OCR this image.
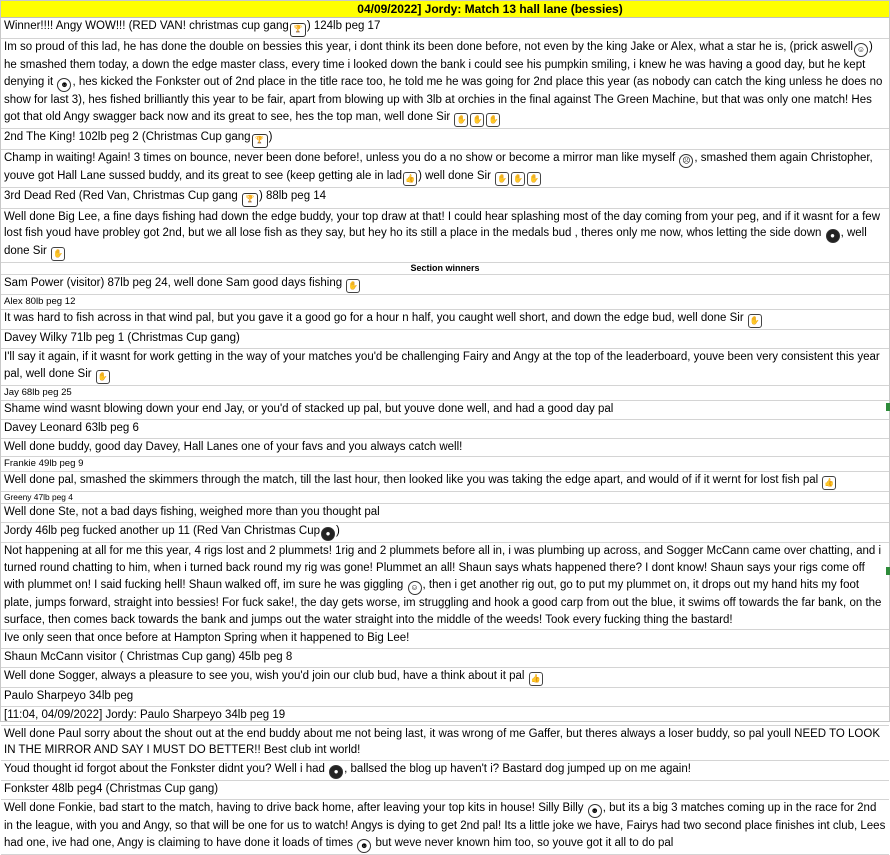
04/09/2022] Jordy: Match 13 hall lane (bessies)
Winner!!!! Angy WOW!!! (RED VAN! christmas cup gang 🏆 ) 124lb peg 17
Im so proud of this lad, he has done the double on bessies this year, i dont think its been done before, not even by the king Jake or Alex, what a star he is, (prick aswell ☺ ) he smashed them today, a down the edge master class, every time i looked down the bank i could see his pumpkin smiling, i knew he was having a good day, but he kept denying it ☻ , hes kicked the Fonkster out of 2nd place in the title race too, he told me he was going for 2nd place this year (as nobody can catch the king unless he does no show for last 3), hes fished brilliantly this year to be fair, apart from blowing up with 3lb at orchies in the final against The Green Machine, but that was only one match! Hes got that old Angy swagger back now and its great to see, hes the top man, well done Sir ✋ ✋ ✋
2nd The King! 102lb peg 2 (Christmas Cup gang 🏆 )
Champ in waiting! Again! 3 times on bounce, never been done before!, unless you do a no show or become a mirror man like myself ☹ , smashed them again Christopher, youve got Hall Lane sussed buddy, and its great to see (keep getting ale in lad 👍 ) well done Sir ✋ ✋ ✋
3rd Dead Red (Red Van, Christmas Cup gang 🏆 ) 88lb peg 14
Well done Big Lee, a fine days fishing had down the edge buddy, your top draw at that! I could hear splashing most of the day coming from your peg, and if it wasnt for a few lost fish youd have probley got 2nd, but we all lose fish as they say, but hey ho its still a place in the medals bud , theres only me now, whos letting the side down ● , well done Sir ✋
Section winners
Sam Power (visitor) 87lb peg 24, well done Sam good days fishing ✋
Alex 80lb peg 12
It was hard to fish across in that wind pal, but you gave it a good go for a hour n half, you caught well short, and down the edge bud, well done Sir ✋
Davey Wilky 71lb peg 1 (Christmas Cup gang)
I'll say it again, if it wasnt for work getting in the way of your matches you'd be challenging Fairy and Angy at the top of the leaderboard, youve been very consistent this year pal, well done Sir ✋
Jay 68lb peg 25
Shame wind wasnt blowing down your end Jay, or you'd of stacked up pal, but youve done well, and had a good day pal
Davey Leonard 63lb peg 6
Well done buddy, good day Davey, Hall Lanes one of your favs and you always catch well!
Frankie 49lb peg 9
Well done pal, smashed the skimmers through the match, till the last hour, then looked like you was taking the edge apart, and would of if it wernt for lost fish pal 👍
Greeny 47lb peg 4
Well done Ste, not a bad days fishing, weighed more than you thought pal
Jordy 46lb peg fucked another up 11 (Red Van Christmas Cup ● )
Not happening at all for me this year, 4 rigs lost and 2 plummets! 1rig and 2 plummets before all in, i was plumbing up across, and Sogger McCann came over chatting, and i turned round chatting to him, when i turned back round my rig was gone! Plummet an all! Shaun says whats happened there? I dont know! Shaun says your rigs come off with plummet on! I said fucking hell! Shaun walked off, im sure he was giggling ☺ , then i get another rig out, go to put my plummet on, it drops out my hand hits my foot plate, jumps forward, straight into bessies! For fuck sake!, the day gets worse, im struggling and hook a good carp from out the blue, it swims off towards the far bank, on the surface, then comes back towards the bank and jumps out the water straight into the middle of the weeds! Took every fucking thing the bastard!
Ive only seen that once before at Hampton Spring when it happened to Big Lee!
Shaun McCann visitor ( Christmas Cup gang) 45lb peg 8
Well done Sogger, always a pleasure to see you, wish you'd join our club bud, have a think about it pal 👍
Paulo Sharpeyo 34lb peg
[11:04, 04/09/2022] Jordy: Paulo Sharpeyo 34lb peg 19
Well done Paul sorry about the shout out at the end buddy about me not being last, it was wrong of me Gaffer, but theres always a loser buddy, so pal youll NEED TO LOOK IN THE MIRROR AND SAY I MUST DO BETTER!! Best club int world!
Youd thought id forgot about the Fonkster didnt you? Well i had ● , ballsed the blog up haven't i? Bastard dog jumped up on me again!
Fonkster 48lb peg4 (Christmas Cup gang)
Well done Fonkie, bad start to the match, having to drive back home, after leaving your top kits in house! Silly Billy ☻ , but its a big 3 matches coming up in the race for 2nd in the league, with you and Angy, so that will be one for us to watch! Angys is dying to get 2nd pal! Its a little joke we have, Fairys had two second place finishes int club, Lees had one, ive had one, Angy is claiming to have done it loads of times ☻ but weve never known him too, so youve got it all to do pal
